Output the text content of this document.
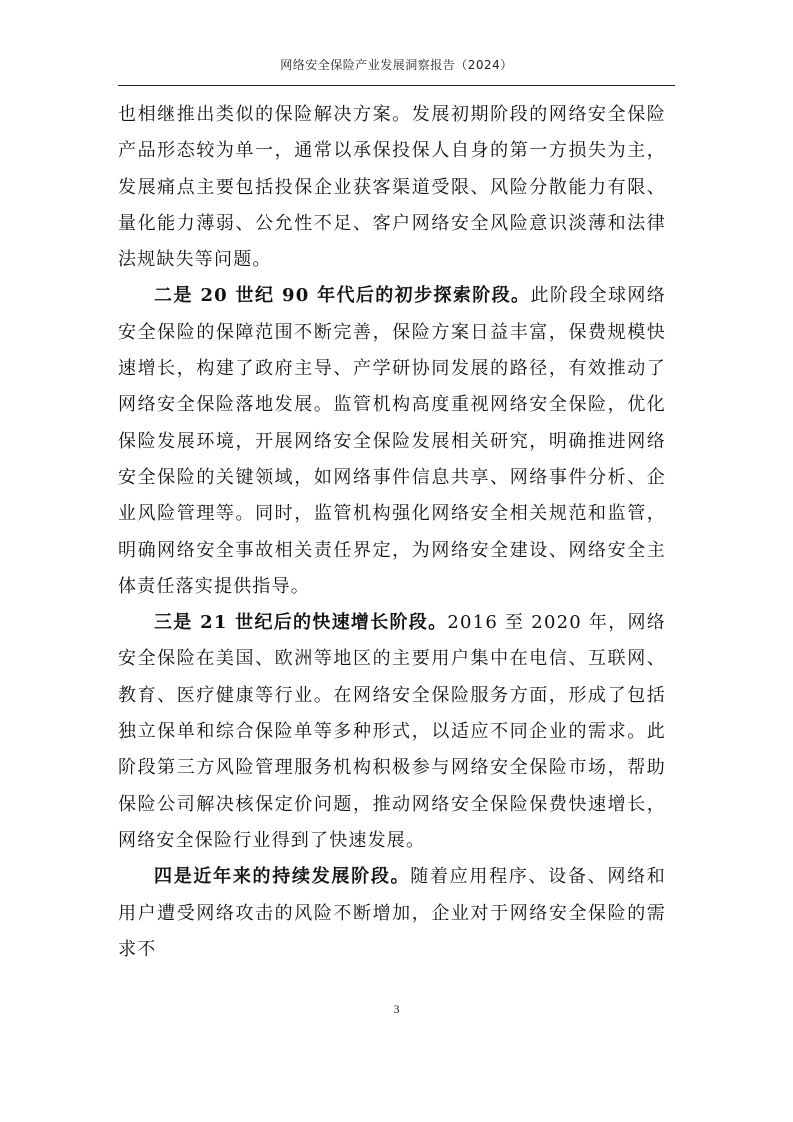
网络安全保险产业发展洞察报告（2024）

也相继推出类似的保险解决方案。发展初期阶段的网络安全保险产品形态较为单一，通常以承保投保人自身的第一方损失为主，发展痛点主要包括投保企业获客渠道受限、风险分散能力有限、量化能力薄弱、公允性不足、客户网络安全风险意识淡薄和法律法规缺失等问题。

二是 20 世纪 90 年代后的初步探索阶段。此阶段全球网络安全保险的保障范围不断完善，保险方案日益丰富，保费规模快速增长，构建了政府主导、产学研协同发展的路径，有效推动了网络安全保险落地发展。监管机构高度重视网络安全保险，优化保险发展环境，开展网络安全保险发展相关研究，明确推进网络安全保险的关键领域，如网络事件信息共享、网络事件分析、企业风险管理等。同时，监管机构强化网络安全相关规范和监管，明确网络安全事故相关责任界定，为网络安全建设、网络安全主体责任落实提供指导。

三是 21 世纪后的快速增长阶段。2016 至 2020 年，网络安全保险在美国、欧洲等地区的主要用户集中在电信、互联网、教育、医疗健康等行业。在网络安全保险服务方面，形成了包括独立保单和综合保险单等多种形式，以适应不同企业的需求。此阶段第三方风险管理服务机构积极参与网络安全保险市场，帮助保险公司解决核保定价问题，推动网络安全保险保费快速增长，网络安全保险行业得到了快速发展。

四是近年来的持续发展阶段。随着应用程序、设备、网络和用户遭受网络攻击的风险不断增加，企业对于网络安全保险的需求不

3
